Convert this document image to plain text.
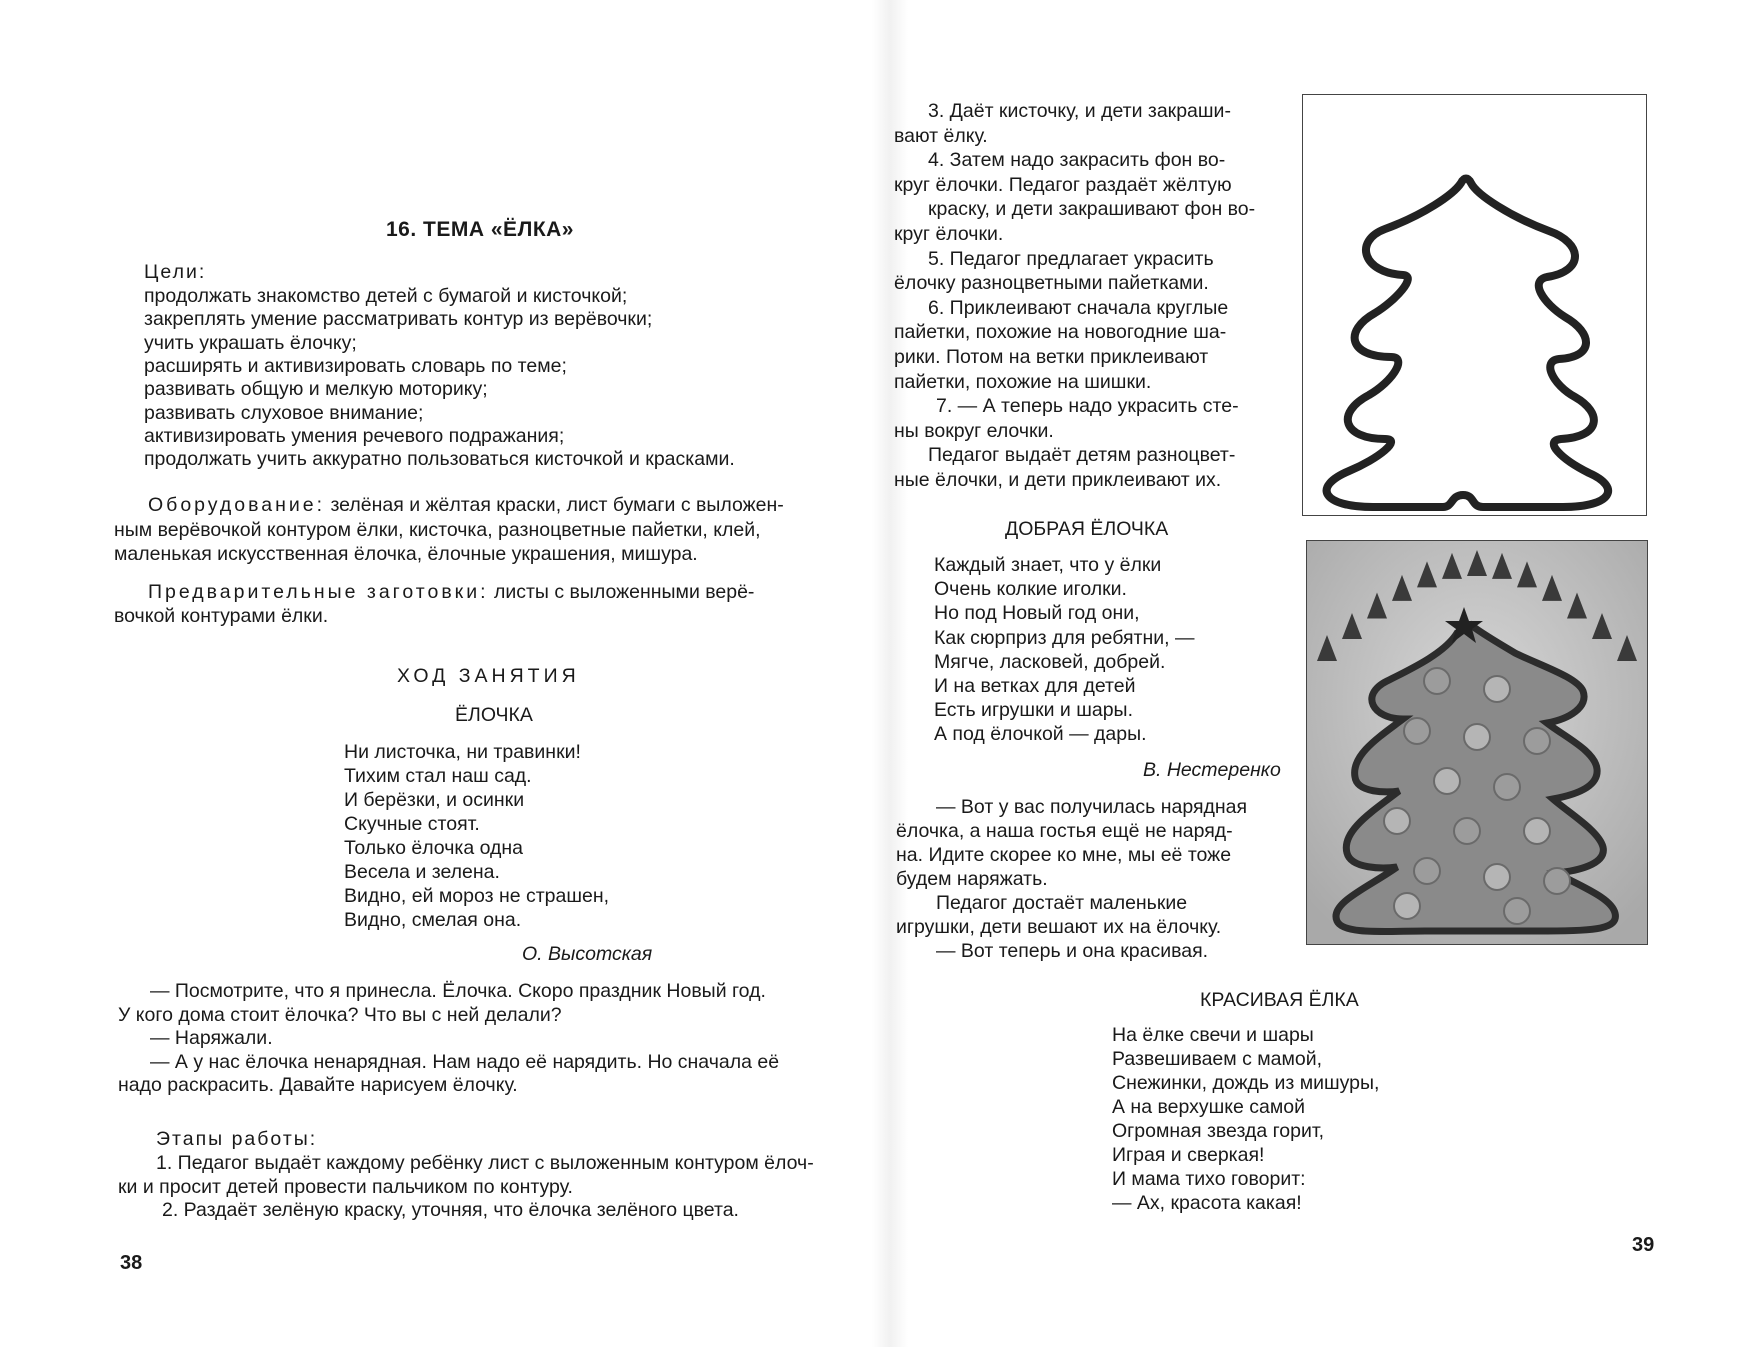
16. ТЕМА «ЁЛКА»
Цели:
продолжать знакомство детей с бумагой и кисточкой;
закреплять умение рассматривать контур из верёвочки;
учить украшать ёлочку;
расширять и активизировать словарь по теме;
развивать общую и мелкую моторику;
развивать слуховое внимание;
активизировать умения речевого подражания;
продолжать учить аккуратно пользоваться кисточкой и красками.
Оборудование: зелёная и жёлтая краски, лист бумаги с выложен-
ным верёвочкой контуром ёлки, кисточка, разноцветные пайетки, клей,
маленькая искусственная ёлочка, ёлочные украшения, мишура.
Предварительные заготовки: листы с выложенными верё-
вочкой контурами ёлки.
ХОД ЗАНЯТИЯ
ЁЛОЧКА
Ни листочка, ни травинки!
Тихим стал наш сад.
И берёзки, и осинки
Скучные стоят.
Только ёлочка одна
Весела и зелена.
Видно, ей мороз не страшен,
Видно, смелая она.
О. Высотская
— Посмотрите, что я принесла. Ёлочка. Скоро праздник Новый год.
У кого дома стоит ёлочка? Что вы с ней делали?
— Наряжали.
— А у нас ёлочка ненарядная. Нам надо её нарядить. Но сначала её
надо раскрасить. Давайте нарисуем ёлочку.
Этапы работы:
1. Педагог выдаёт каждому ребёнку лист с выложенным контуром ёлоч-
ки и просит детей провести пальчиком по контуру.
2. Раздаёт зелёную краску, уточняя, что ёлочка зелёного цвета.
38
3. Даёт кисточку, и дети закраши-
вают ёлку.
4. Затем надо закрасить фон во-
круг ёлочки. Педагог раздаёт жёлтую
краску, и дети закрашивают фон во-
круг ёлочки.
5. Педагог предлагает украсить
ёлочку разноцветными пайетками.
6. Приклеивают сначала круглые
пайетки, похожие на новогодние ша-
рики. Потом на ветки приклеивают
пайетки, похожие на шишки.
7. — А теперь надо украсить сте-
ны вокруг елочки.
Педагог выдаёт детям разноцвет-
ные ёлочки, и дети приклеивают их.
ДОБРАЯ ЁЛОЧКА
Каждый знает, что у ёлки
Очень колкие иголки.
Но под Новый год они,
Как сюрприз для ребятни, —
Мягче, ласковей, добрей.
И на ветках для детей
Есть игрушки и шары.
А под ёлочкой — дары.
В. Нестеренко
— Вот у вас получилась нарядная
ёлочка, а наша гостья ещё не наряд-
на. Идите скорее ко мне, мы её тоже
будем наряжать.
Педагог достаёт маленькие
игрушки, дети вешают их на ёлочку.
— Вот теперь и она красивая.
КРАСИВАЯ ЁЛКА
На ёлке свечи и шары
Развешиваем с мамой,
Снежинки, дождь из мишуры,
А на верхушке самой
Огромная звезда горит,
Играя и сверкая!
И мама тихо говорит:
— Ах, красота какая!
39
